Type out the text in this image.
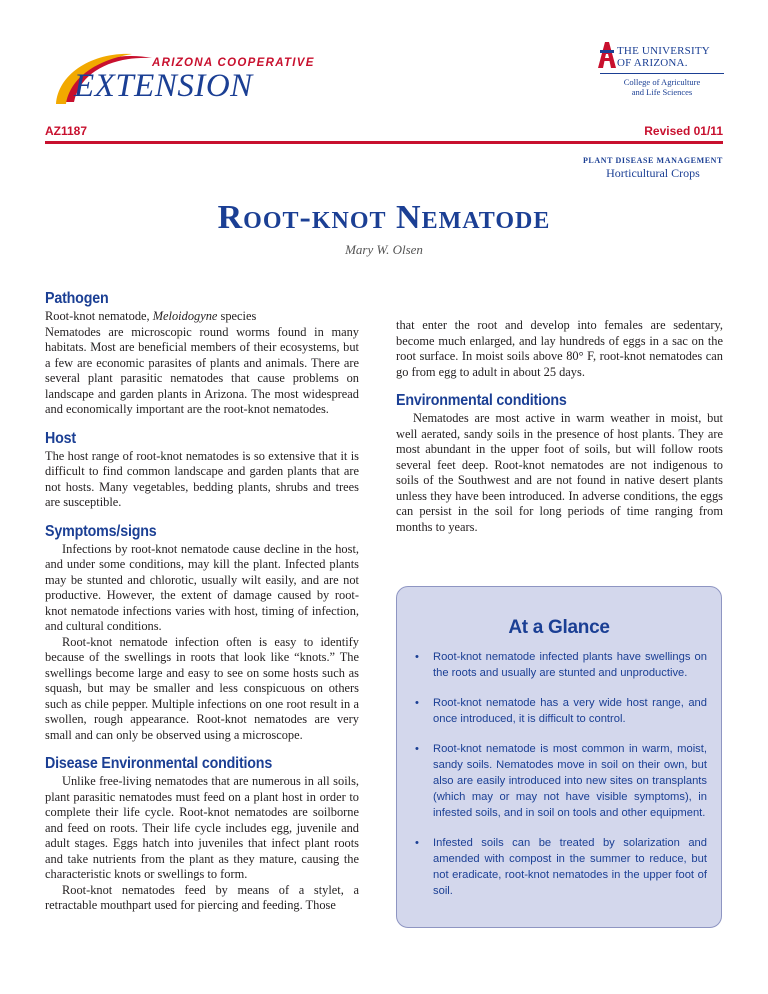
ARIZONA COOPERATIVE
EXTENSION
THE UNIVERSITY
OF ARIZONA.
College of Agriculture
and Life Sciences
AZ1187	Revised 01/11
PLANT DISEASE MANAGEMENT
Horticultural Crops
Root-knot Nematode
Mary W. Olsen
Pathogen

Root-knot nematode, Meloidogyne species

Nematodes are microscopic round worms found in many habitats. Most are beneficial members of their ecosystems, but a few are economic parasites of plants and animals. There are several plant parasitic nematodes that cause problems on landscape and garden plants in Arizona. The most widespread and economically important are the root-knot nematodes.

Host

The host range of root-knot nematodes is so extensive that it is difficult to find common landscape and garden plants that are not hosts. Many vegetables, bedding plants, shrubs and trees are susceptible.

Symptoms/signs

Infections by root-knot nematode cause decline in the host, and under some conditions, may kill the plant. Infected plants may be stunted and chlorotic, usually wilt easily, and are not productive. However, the extent of damage caused by root-knot nematode infections varies with host, timing of infection, and cultural conditions.

Root-knot nematode infection often is easy to identify because of the swellings in roots that look like “knots.” The swellings become large and easy to see on some hosts such as squash, but may be smaller and less conspicuous on others such as chile pepper. Multiple infections on one root result in a swollen, rough appearance. Root-knot nematodes are very small and can only be observed using a microscope.

Disease Environmental conditions

Unlike free-living nematodes that are numerous in all soils, plant parasitic nematodes must feed on a plant host in order to complete their life cycle. Root-knot nematodes are soilborne and feed on roots. Their life cycle includes egg, juvenile and adult stages. Eggs hatch into juveniles that infect plant roots and take nutrients from the plant as they mature, causing the characteristic knots or swellings to form.

Root-knot nematodes feed by means of a stylet, a retractable mouthpart used for piercing and feeding. Those

that enter the root and develop into females are sedentary, become much enlarged, and lay hundreds of eggs in a sac on the root surface. In moist soils above 80° F, root-knot nematodes can go from egg to adult in about 25 days.

Environmental conditions

Nematodes are most active in warm weather in moist, but well aerated, sandy soils in the presence of host plants. They are most abundant in the upper foot of soils, but will follow roots several feet deep. Root-knot nematodes are not indigenous to soils of the Southwest and are not found in native desert plants unless they have been introduced. In adverse conditions, the eggs can persist in the soil for long periods of time ranging from months to years.

At a Glance
• Root-knot nematode infected plants have swellings on the roots and usually are stunted and unproductive.
• Root-knot nematode has a very wide host range, and once introduced, it is difficult to control.
• Root-knot nematode is most common in warm, moist, sandy soils. Nematodes move in soil on their own, but also are easily introduced into new sites on transplants (which may or may not have visible symptoms), in infested soils, and in soil on tools and other equipment.
• Infested soils can be treated by solarization and amended with compost in the summer to reduce, but not eradicate, root-knot nematodes in the upper foot of soil.
